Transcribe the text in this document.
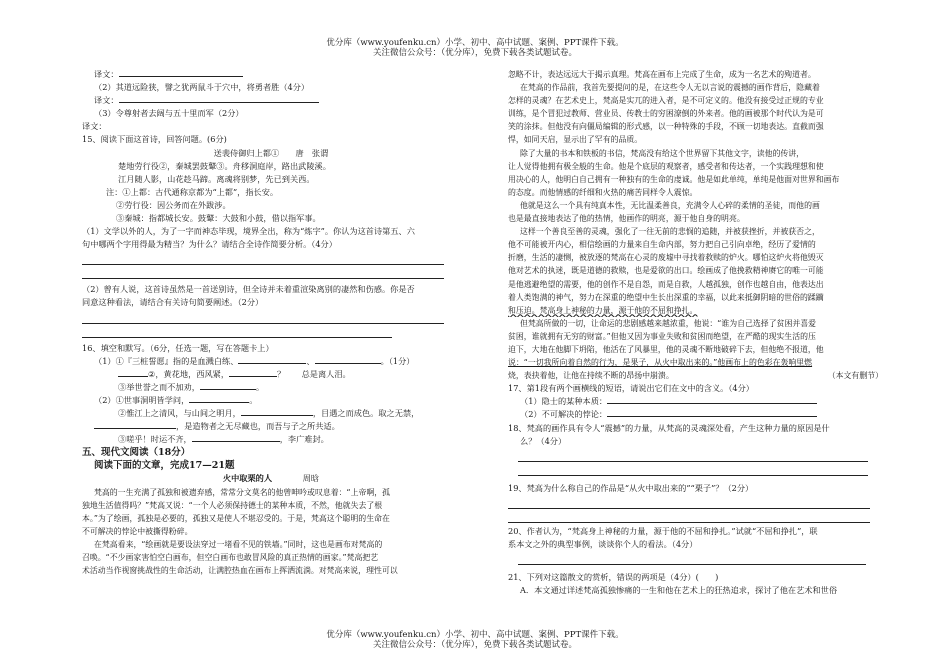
优分库（www.youfenku.cn）小学、初中、高中试题、案例、PPT课件下载。
关注微信公众号：（优分库），免费下载各类试题试卷。
译文：
（2）其道远险狭，譬之犹两鼠斗于穴中，将勇者胜（4分）
译文：
（3）令尊射者去阔与五十里而军（2分）
译文：
15、阅读下面这首诗，回答问题。(6分)
送裴侍御归上都①　　唐　张谓
楚地劳行役②，秦城罢鼓鼙③。舟移洞庭岸，路出武陵溪。
江月随人影，山花趁马蹄。离魂将别梦，先已到关西。
注：①上都：古代通称京都为“上都”，指长安。
②劳行役：因公务而在外跋涉。
③秦城：指都城长安。鼓鼙：大鼓和小鼓，借以指军事。
（1）文学以外的人，为了一字而神态毕现，境界全出，称为“炼字”。你认为这首诗第五、六
句中哪两个字用得最为精当？为什么？请结合全诗作简要分析。（4分）
（2）曾有人说，这首诗虽然是一首送别诗，但全诗并未着重渲染离别的凄然和伤感。你是否
同意这种看法，请结合有关诗句简要阐述。（2分）
16、填空和默写。（6分，任选一题，写在答题卡上）
（1）①『三桩誓愿』指的是血溅白练、	、	。（1分）
②，黄花地，西风紧，	？　　总是离人泪。
③举世誉之而不加劝，	。
（2）①世事洞明皆学问，	。
②惟江上之清风，与山间之明月，	，目遇之而成色。取之无禁，
，是造物者之无尽藏也，而吾与子之所共适。
③嗟乎！时运不齐，	，李广难封。
五、现代文阅读（18分）
阅读下面的文章，完成17—21题
火中取栗的人	周晗
梵高的一生充满了孤独和被遗弃感，常常分文莫名的他曾呻吟或叹息着：“上帝啊，孤
独地生活值得吗？”梵高又说：“一个人必须保持德士的某种本质，不然，他就失去了根
本。”为了绘画，孤独是必要的，孤独又是使人不堪忍受的。于是，梵高这个聪明的生命在
不可解决的悖论中被撕得粉碎。
在梵高看来，“绘画就是要设法穿过一堵看不见的铁墙。”同时，这也是画布对梵高的
召唤。“不少画家害怕空白画布，但空白画布也敢冒风险的真正热情的画家。”梵高把艺
术活动当作视窗挑战性的生命活动，让满腔热血在画布上挥洒流淌。对梵高来说，理性可以
忽略不计，表达远远大于揭示真理。梵高在画布上完成了生命，成为一名艺术的殉道者。
在梵高的作品前，我首先要提问的是，在这些令人无以言说的震撼的画作背后，隐藏着
怎样的灵魂？在艺术史上，梵高是实兀的进入者，是不可定义的。他没有接受过正规的专业
训练，是个冒犯过教师、营业员、传教士的穷困潦倒的外来者。他的画被那个时代认为是可
笑的涂抹。但他没有向僵局编辑的形式感，以一种特殊的手段，不顾一切地表达。直截而强
悍，如同天启，显示出了罕有的品质。
除了大量的书本和铁板的书信，梵高没有给这个世界留下其他文字，读他的传讲，
让人觉得他拥有极全般的生命。他是个底层的观察者，感受者和传达者，一个实践理想和使
用决心的人，他明白自己拥有一种独有的生命的虔诚。他是如此单纯，单纯是他面对世界和画布
的态度。而他情感的纤细和火热的痛苦同样令人震惊。
他就是这么一个具有纯真本性，无比温柔善良，充满令人心碎的柔情的圣徒，而他的画
也是最直接地表达了他的热情，他画作的明亮，源于他自身的明亮。
这样一个善良至善的灵魂，强化了一往无前的悲悯的追随，并被获挫折，并被获否之，
他不可能被开内心，相信绘画的力量来自生命内部，努力把自己引向卓绝，经历了爱情的
折磨，生活的凄恻，被放逐的梵高在心灵的废墟中寻找着救赎的炉火。哪怕这炉火将他毁灭
他对艺术的执迷，既是道德的救赎，也是爱欲的出口。绘画成了他挽救精神赓它的唯一可能
是他逃避绝望的需要，他的创作不是自怨，而是自救，人越孤独，创作也越自由，他表达出
着人类饱满的神气，努力在深重的绝望中生长出深重的幸福，以此来抵御阴暗的世俗的蹂躏
和压迫。梵高身上神秘的力量，源于他的不屈和挣扎。
但梵高所做的一切，让命运的悲剧感越来越浓重，他说：“谁为自己选择了贫困并喜爱
贫困，谁就拥有无穷的财富。”但他又因为事业失败和贫困而绝望，在严酷的现实生活的压
迫下，大地在他脚下坍陷，他活在了风暴里，他的灵魂不断地破碎下去，但他绝不报道，他
说：“一切我所向着自然的行为，是果子，从火中取出来的。”他画布上的色彩在轰响里燃
烧，表抉着他，让他在持续不断的昂扬中崩溃。	（本文有删节）
17、第1段有两个画横线的短语，请说出它们在文中的含义。（4分）
（1）隐士的某种本质：
（2）不可解决的悖论：
18、梵高的画作具有令人“震撼”的力量，从梵高的灵魂深处看，产生这种力量的原因是什
么？（4分）
19、梵高为什么称自己的作品是“从火中取出来的”“栗子”？（2分）
20、作者认为，“梵高身上神秘的力量，源于他的不屈和挣扎。”试就“不屈和挣扎”，联
系本文之外的典型事例，谈谈你个人的看法。（4分）
21、下列对这篇散文的赏析，错误的两项是（4分）(　　)
A．本文通过详述梵高孤独惨痛的一生和他在艺术上的狂热追求，探讨了他在艺术和世俗
优分库（www.youfenku.cn）小学、初中、高中试题、案例、PPT课件下载。
关注微信公众号：（优分库），免费下载各类试题试卷。
